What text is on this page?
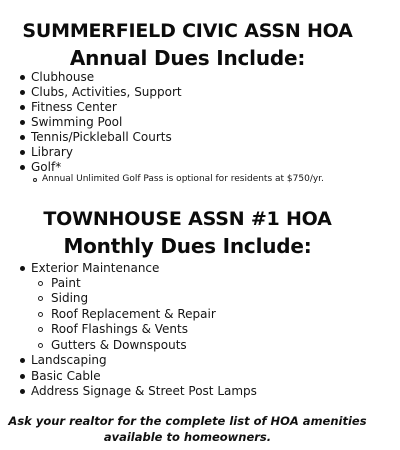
SUMMERFIELD CIVIC ASSN HOA
Annual Dues Include:
Clubhouse
Clubs, Activities, Support
Fitness Center
Swimming Pool
Tennis/Pickleball Courts
Library
Golf*
Annual Unlimited Golf Pass is optional for residents at $750/yr.
TOWNHOUSE ASSN #1 HOA
Monthly Dues Include:
Exterior Maintenance
Paint
Siding
Roof Replacement & Repair
Roof Flashings & Vents
Gutters & Downspouts
Landscaping
Basic Cable
Address Signage & Street Post Lamps
Ask your realtor for the complete list of HOA amenities
available to homeowners.
